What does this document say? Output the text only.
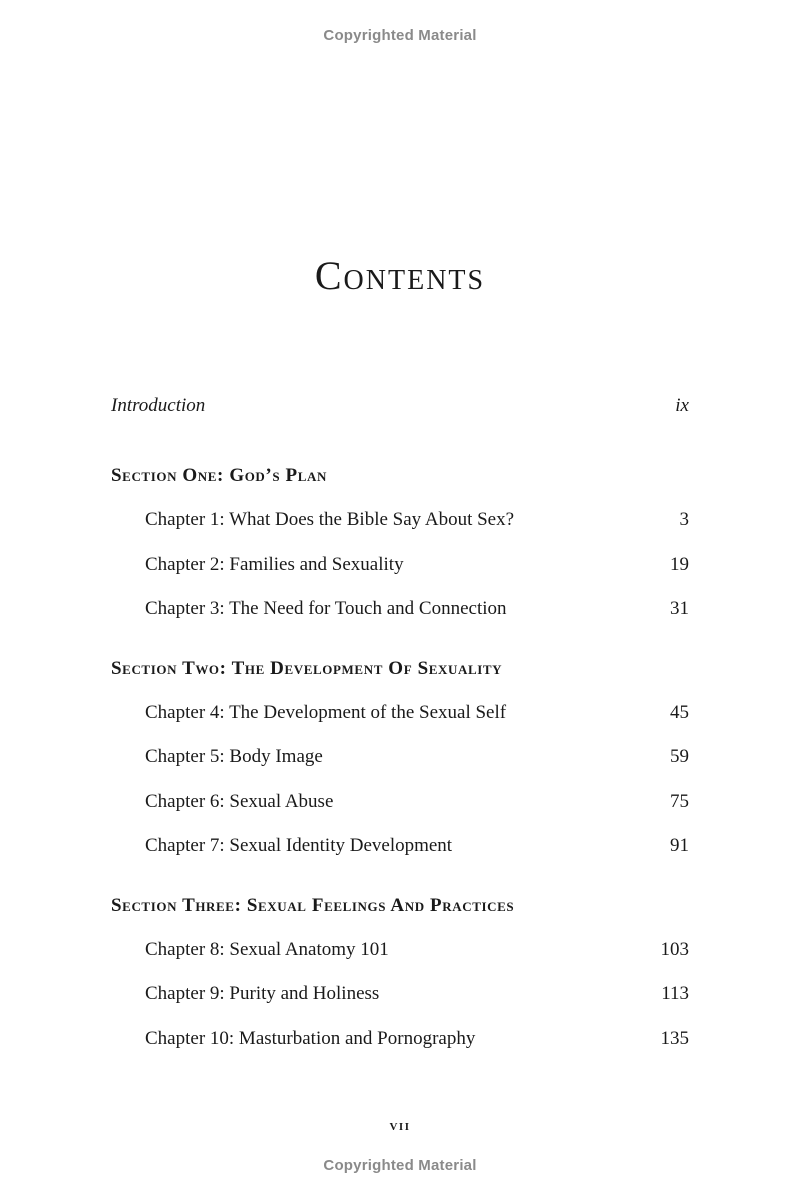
Copyrighted Material
Contents
Introduction	ix
Section One: God’s Plan
Chapter 1: What Does the Bible Say About Sex?	3
Chapter 2: Families and Sexuality	19
Chapter 3: The Need for Touch and Connection	31
Section Two: The Development Of Sexuality
Chapter 4: The Development of the Sexual Self	45
Chapter 5: Body Image	59
Chapter 6: Sexual Abuse	75
Chapter 7: Sexual Identity Development	91
Section Three: Sexual Feelings And Practices
Chapter 8: Sexual Anatomy 101	103
Chapter 9: Purity and Holiness	113
Chapter 10: Masturbation and Pornography	135
vii
Copyrighted Material
